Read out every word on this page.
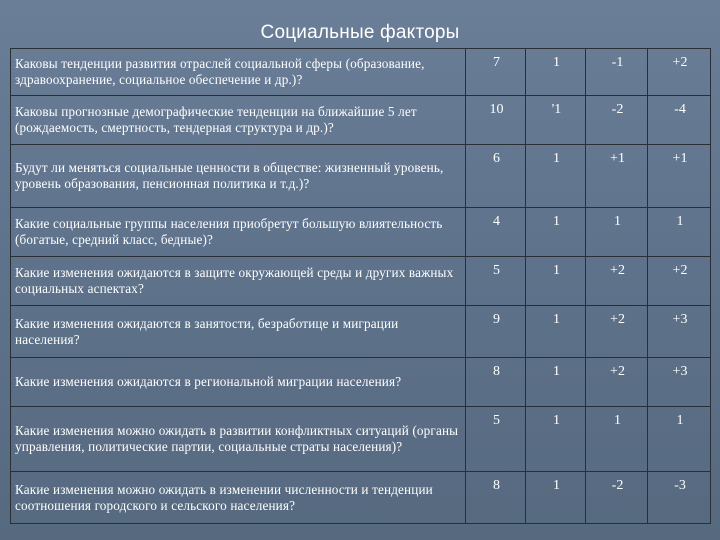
Социальные факторы
Каковы тенденции развития отраслей социальной сферы (образование, здравоохранение, социальное обеспечение и др.)?	7	1	-1	+2
Каковы прогнозные демографические тенденции на ближайшие 5 лет (рождаемость, смертность, тендерная структура и др.)?	10	'1	-2	-4
Будут ли меняться социальные ценности в обществе: жизненный уровень, уровень образования, пенсионная политика и т.д.)?	6	1	+1	+1
Какие социальные группы населения приобретут большую влиятельность (богатые, средний класс, бедные)?	4	1	1	1
Какие изменения ожидаются в защите окружающей среды и других важных социальных аспектах?	5	1	+2	+2
Какие изменения ожидаются в занятости, безработице и миграции населения?	9	1	+2	+3
Какие изменения ожидаются в региональной миграции населения?	8	1	+2	+3
Какие изменения можно ожидать в развитии конфликтных ситуаций (органы управления, политические партии, социальные страты населения)?	5	1	1	1
Какие изменения можно ожидать в изменении численности и тенденции соотношения городского и сельского населения?	8	1	-2	-3
